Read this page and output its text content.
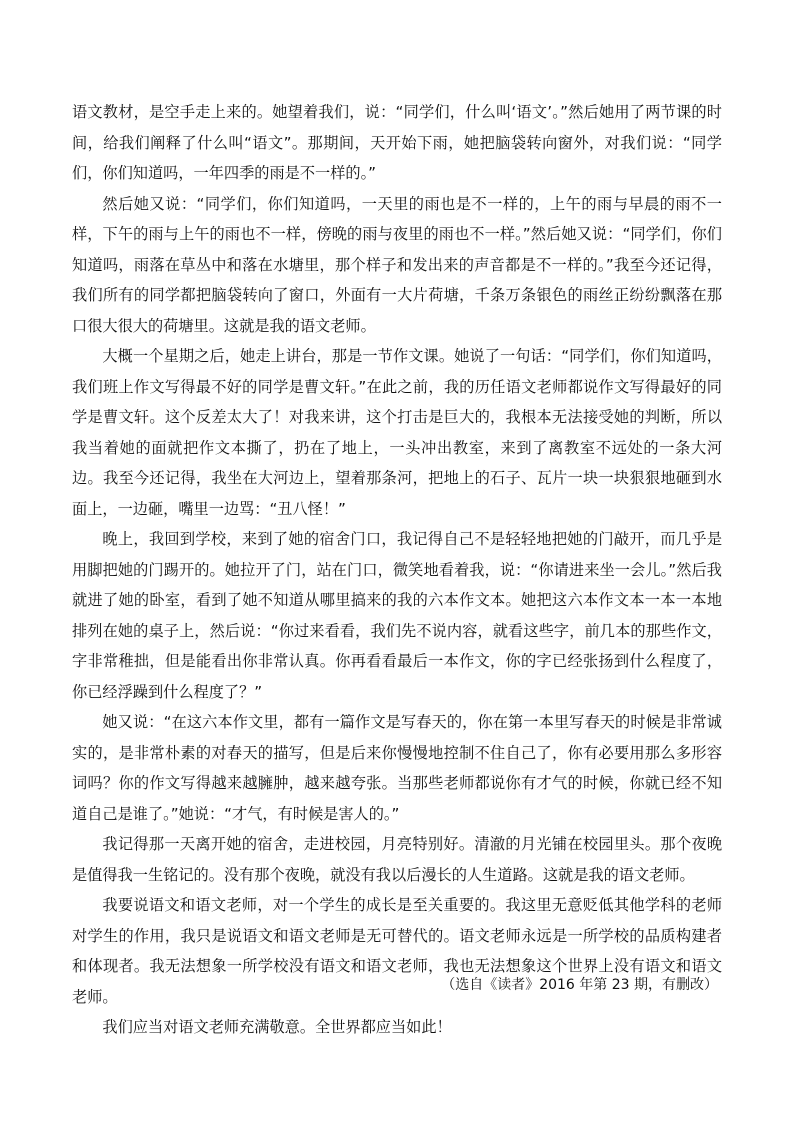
语文教材，是空手走上来的。她望着我们，说：“同学们，什么叫‘语文’。”然后她用了两节课的时间，给我们阐释了什么叫“语文”。那期间，天开始下雨，她把脑袋转向窗外，对我们说：“同学们，你们知道吗，一年四季的雨是不一样的。”

然后她又说：“同学们，你们知道吗，一天里的雨也是不一样的，上午的雨与早晨的雨不一样，下午的雨与上午的雨也不一样，傍晚的雨与夜里的雨也不一样。”然后她又说：“同学们，你们知道吗，雨落在草丛中和落在水塘里，那个样子和发出来的声音都是不一样的。”我至今还记得，我们所有的同学都把脑袋转向了窗口，外面有一大片荷塘，千条万条银色的雨丝正纷纷飘落在那口很大很大的荷塘里。这就是我的语文老师。

大概一个星期之后，她走上讲台，那是一节作文课。她说了一句话：“同学们，你们知道吗，我们班上作文写得最不好的同学是曹文轩。”在此之前，我的历任语文老师都说作文写得最好的同学是曹文轩。这个反差太大了！对我来讲，这个打击是巨大的，我根本无法接受她的判断，所以我当着她的面就把作文本撕了，扔在了地上，一头冲出教室，来到了离教室不远处的一条大河边。我至今还记得，我坐在大河边上，望着那条河，把地上的石子、瓦片一块一块狠狠地砸到水面上，一边砸，嘴里一边骂：“丑八怪！”

晚上，我回到学校，来到了她的宿舍门口，我记得自己不是轻轻地把她的门敲开，而几乎是用脚把她的门踢开的。她拉开了门，站在门口，微笑地看着我，说：“你请进来坐一会儿。”然后我就进了她的卧室，看到了她不知道从哪里搞来的我的六本作文本。她把这六本作文本一本一本地排列在她的桌子上，然后说：“你过来看看，我们先不说内容，就看这些字，前几本的那些作文，字非常稚拙，但是能看出你非常认真。你再看看最后一本作文，你的字已经张扬到什么程度了，你已经浮躁到什么程度了？”

她又说：“在这六本作文里，都有一篇作文是写春天的，你在第一本里写春天的时候是非常诚实的，是非常朴素的对春天的描写，但是后来你慢慢地控制不住自己了，你有必要用那么多形容词吗？你的作文写得越来越臃肿，越来越夸张。当那些老师都说你有才气的时候，你就已经不知道自己是谁了。”她说：“才气，有时候是害人的。”

我记得那一天离开她的宿舍，走进校园，月亮特别好。清澈的月光铺在校园里头。那个夜晚是值得我一生铭记的。没有那个夜晚，就没有我以后漫长的人生道路。这就是我的语文老师。

我要说语文和语文老师，对一个学生的成长是至关重要的。我这里无意贬低其他学科的老师对学生的作用，我只是说语文和语文老师是无可替代的。语文老师永远是一所学校的品质构建者和体现者。我无法想象一所学校没有语文和语文老师，我也无法想象这个世界上没有语文和语文老师。

我们应当对语文老师充满敬意。全世界都应当如此！

（选自《读者》2016 年第 23 期，有删改）
